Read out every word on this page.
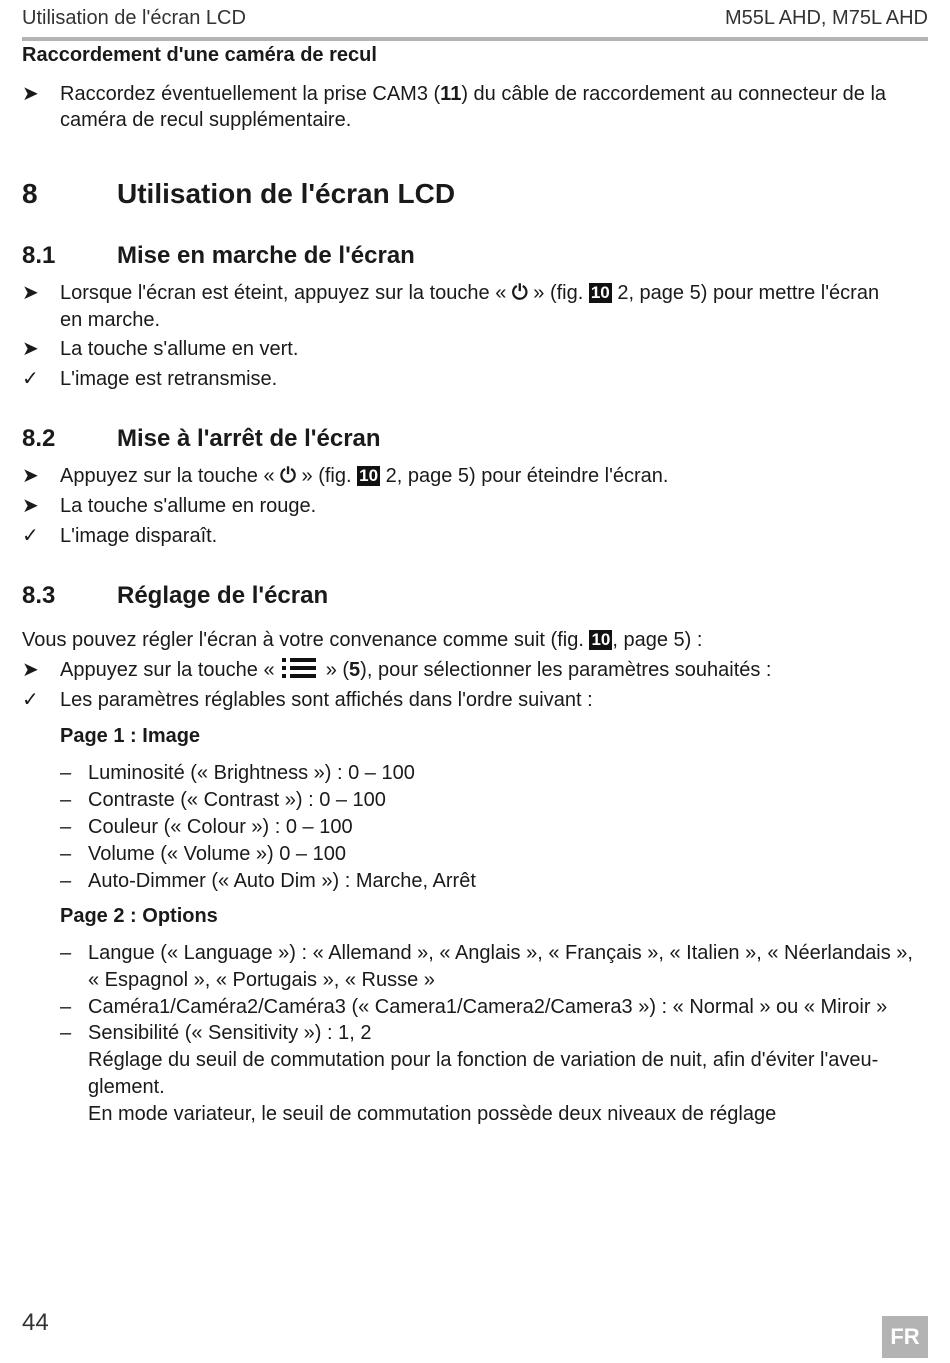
Utilisation de l'écran LCD	M55L AHD, M75L AHD
Raccordement d'une caméra de recul
➤	Raccordez éventuellement la prise CAM3 (11) du câble de raccordement au connecteur de la
caméra de recul supplémentaire.
8	Utilisation de l'écran LCD
8.1	Mise en marche de l'écran
➤	Lorsque l'écran est éteint, appuyez sur la touche « ⏻ » (fig. 10 2, page 5) pour mettre l'écran
en marche.
➤	La touche s'allume en vert.
✓	L'image est retransmise.
8.2	Mise à l'arrêt de l'écran
➤	Appuyez sur la touche « ⏻ » (fig. 10 2, page 5) pour éteindre l'écran.
➤	La touche s'allume en rouge.
✓	L'image disparaît.
8.3	Réglage de l'écran
Vous pouvez régler l'écran à votre convenance comme suit (fig. 10 , page 5) :
➤	Appuyez sur la touche «  » (5), pour sélectionner les paramètres souhaités :
✓	Les paramètres réglables sont affichés dans l'ordre suivant :
Page 1 : Image
– Luminosité (« Brightness ») : 0 – 100
– Contraste (« Contrast ») : 0 – 100
– Couleur (« Colour ») : 0 – 100
– Volume (« Volume ») 0 – 100
– Auto-Dimmer (« Auto Dim ») : Marche, Arrêt
Page 2 : Options
– Langue (« Language ») : « Allemand », « Anglais », « Français », « Italien », « Néerlandais »,
« Espagnol », « Portugais », « Russe »
– Caméra1/Caméra2/Caméra3 (« Camera1/Camera2/Camera3 ») : « Normal » ou « Miroir »
– Sensibilité (« Sensitivity ») : 1, 2
Réglage du seuil de commutation pour la fonction de variation de nuit, afin d'éviter l'aveu-
glement.
En mode variateur, le seuil de commutation possède deux niveaux de réglage
44
FR
